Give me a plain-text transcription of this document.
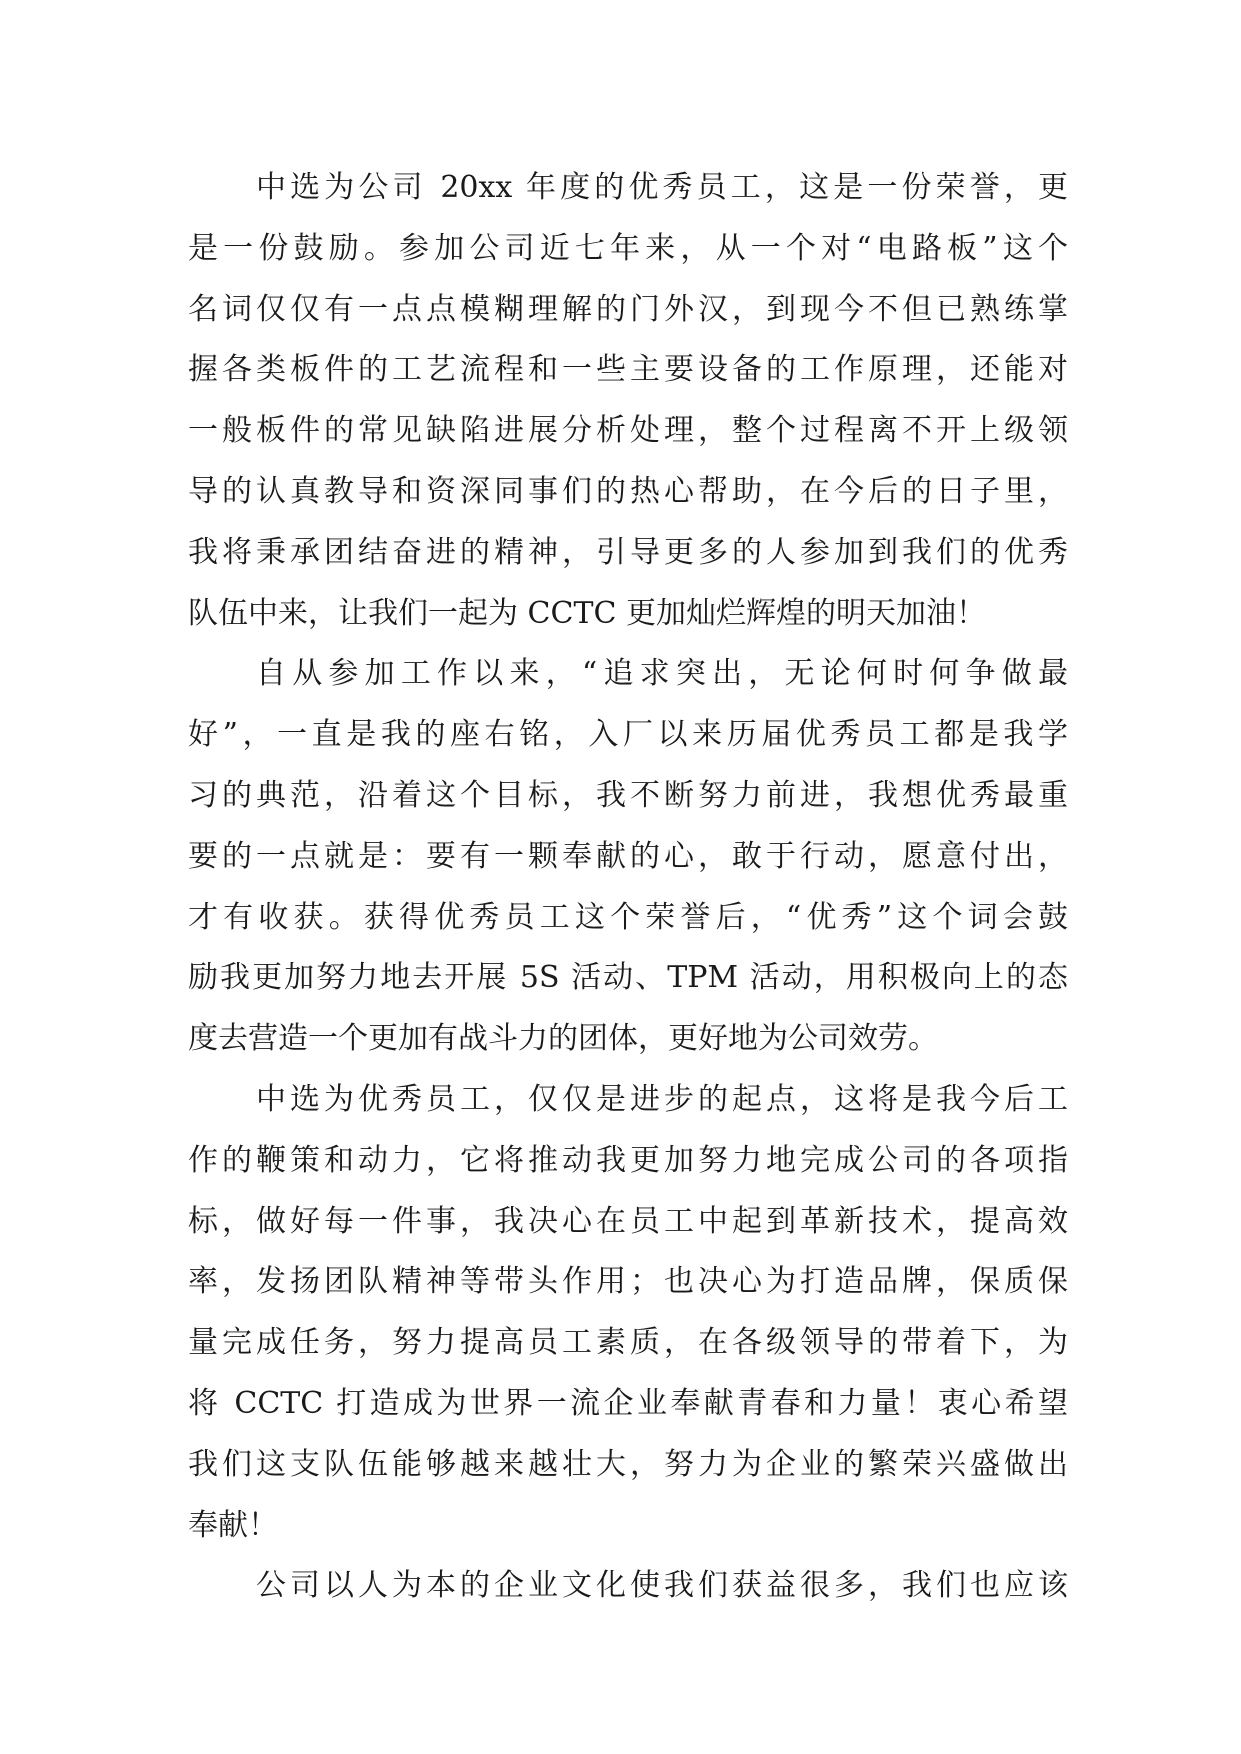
中选为公司 20xx 年度的优秀员工，这是一份荣誉，更
是一份鼓励。参加公司近七年来，从一个对“电路板”这个
名词仅仅有一点点模糊理解的门外汉，到现今不但已熟练掌
握各类板件的工艺流程和一些主要设备的工作原理，还能对
一般板件的常见缺陷进展分析处理，整个过程离不开上级领
导的认真教导和资深同事们的热心帮助，在今后的日子里，
我将秉承团结奋进的精神，引导更多的人参加到我们的优秀
队伍中来，让我们一起为 CCTC 更加灿烂辉煌的明天加油！
自从参加工作以来，“追求突出，无论何时何争做最
好”，一直是我的座右铭，入厂以来历届优秀员工都是我学
习的典范，沿着这个目标，我不断努力前进，我想优秀最重
要的一点就是：要有一颗奉献的心，敢于行动，愿意付出，
才有收获。获得优秀员工这个荣誉后，“优秀”这个词会鼓
励我更加努力地去开展 5S 活动、TPM 活动，用积极向上的态
度去营造一个更加有战斗力的团体，更好地为公司效劳。
中选为优秀员工，仅仅是进步的起点，这将是我今后工
作的鞭策和动力，它将推动我更加努力地完成公司的各项指
标，做好每一件事，我决心在员工中起到革新技术，提高效
率，发扬团队精神等带头作用；也决心为打造品牌，保质保
量完成任务，努力提高员工素质，在各级领导的带着下，为
将 CCTC 打造成为世界一流企业奉献青春和力量！衷心希望
我们这支队伍能够越来越壮大，努力为企业的繁荣兴盛做出
奉献！
公司以人为本的企业文化使我们获益很多，我们也应该
